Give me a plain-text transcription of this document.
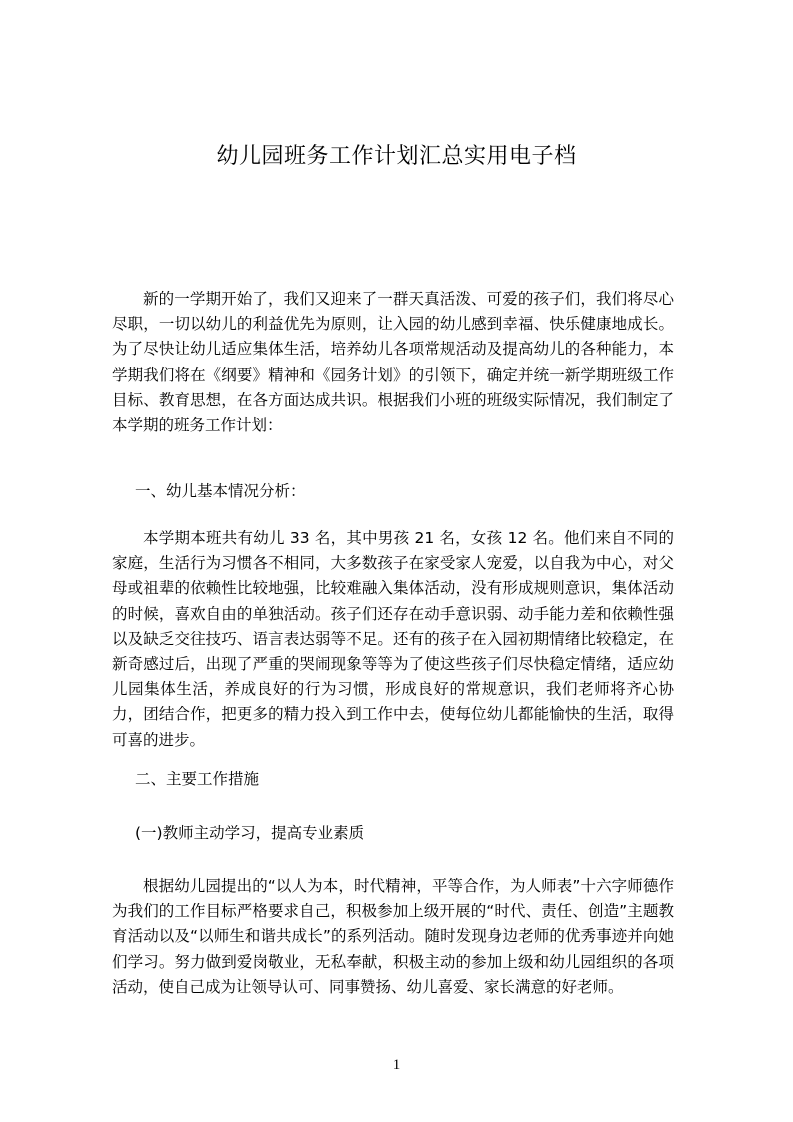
幼儿园班务工作计划汇总实用电子档

新的一学期开始了，我们又迎来了一群天真活泼、可爱的孩子们，我们将尽心尽职，一切以幼儿的利益优先为原则，让入园的幼儿感到幸福、快乐健康地成长。为了尽快让幼儿适应集体生活，培养幼儿各项常规活动及提高幼儿的各种能力，本学期我们将在《纲要》精神和《园务计划》的引领下，确定并统一新学期班级工作目标、教育思想，在各方面达成共识。根据我们小班的班级实际情况，我们制定了本学期的班务工作计划：

一、幼儿基本情况分析：

本学期本班共有幼儿 33 名，其中男孩 21 名，女孩 12 名。他们来自不同的家庭，生活行为习惯各不相同，大多数孩子在家受家人宠爱，以自我为中心，对父母或祖辈的依赖性比较地强，比较难融入集体活动，没有形成规则意识，集体活动的时候，喜欢自由的单独活动。孩子们还存在动手意识弱、动手能力差和依赖性强以及缺乏交往技巧、语言表达弱等不足。还有的孩子在入园初期情绪比较稳定，在新奇感过后，出现了严重的哭闹现象等等为了使这些孩子们尽快稳定情绪，适应幼儿园集体生活，养成良好的行为习惯，形成良好的常规意识，我们老师将齐心协力，团结合作，把更多的精力投入到工作中去，使每位幼儿都能愉快的生活，取得可喜的进步。

二、主要工作措施

(一)教师主动学习，提高专业素质

根据幼儿园提出的“以人为本，时代精神，平等合作，为人师表”十六字师德作为我们的工作目标严格要求自己，积极参加上级开展的“时代、责任、创造”主题教育活动以及“以师生和谐共成长”的系列活动。随时发现身边老师的优秀事迹并向她们学习。努力做到爱岗敬业，无私奉献，积极主动的参加上级和幼儿园组织的各项活动，使自己成为让领导认可、同事赞扬、幼儿喜爱、家长满意的好老师。

1
